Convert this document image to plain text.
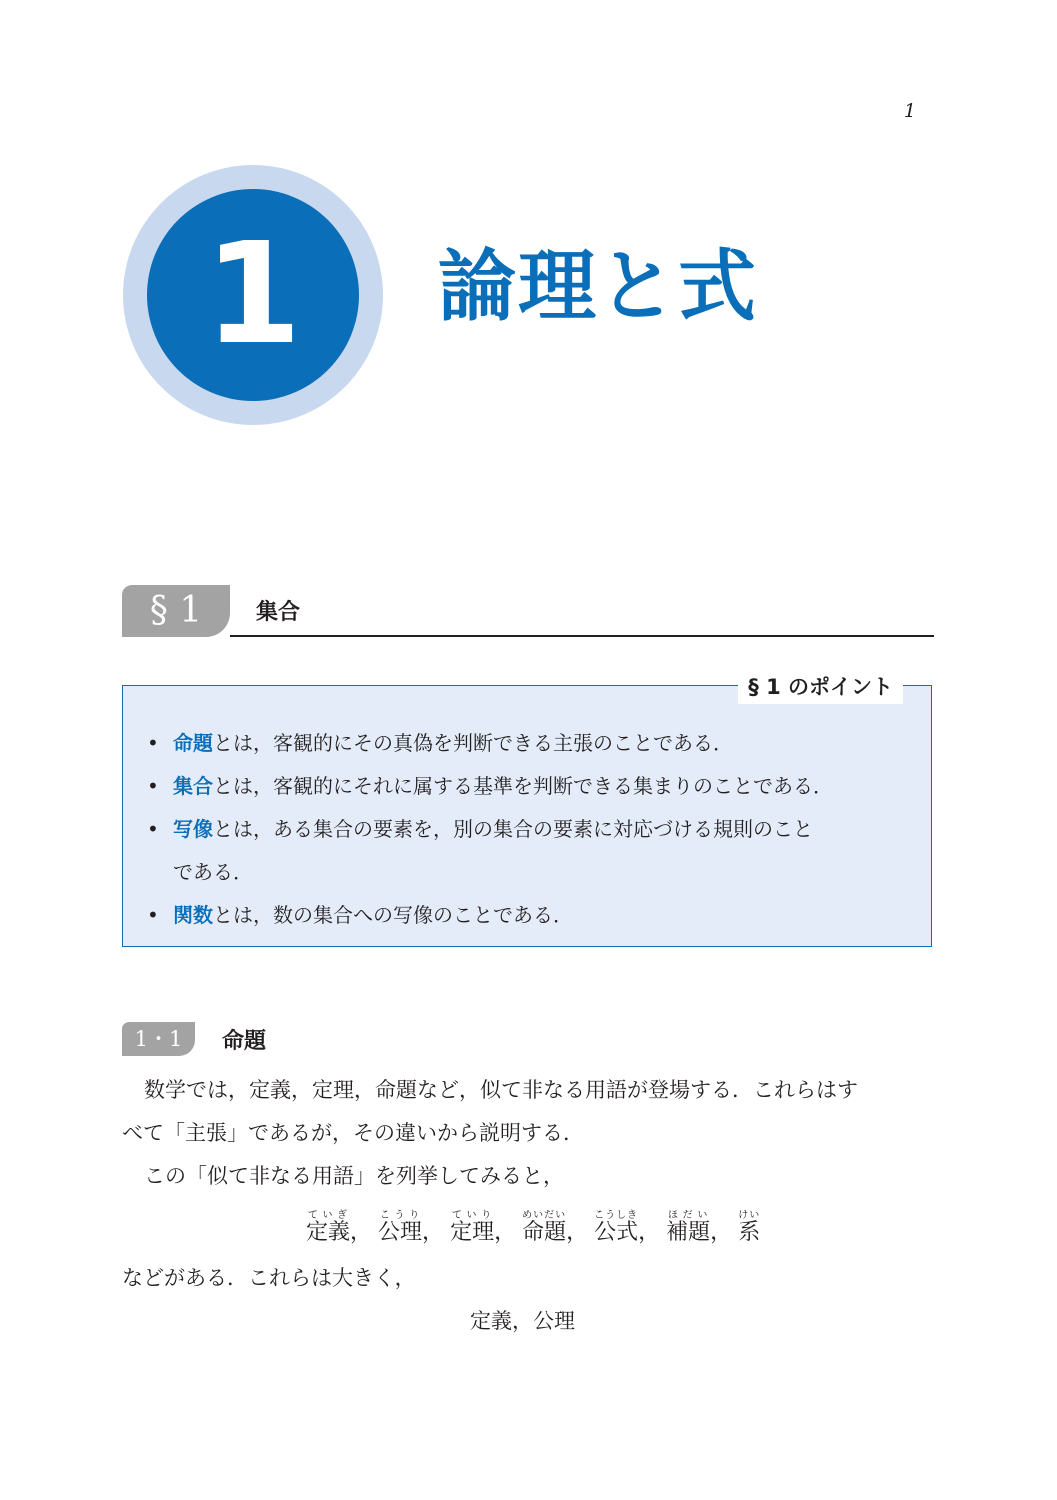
1
1 論理と式
§ 1	集合
§ 1 のポイント
• 命題とは，客観的にその真偽を判断できる主張のことである．
• 集合とは，客観的にそれに属する基準を判断できる集まりのことである．
• 写像とは，ある集合の要素を，別の集合の要素に対応づける規則のこと
である．
• 関数とは，数の集合への写像のことである．
1・1	命題
数学では，定義，定理，命題など，似て非なる用語が登場する．これらはす
べて「主張」であるが，その違いから説明する．
この「似て非なる用語」を列挙してみると，
定義ていぎ
， 公理こうり
， 定理ていり
， 命題めいだい
， 公式こうしき
， 補題ほだい
， 系けい
などがある．これらは大きく，
定義，公理
